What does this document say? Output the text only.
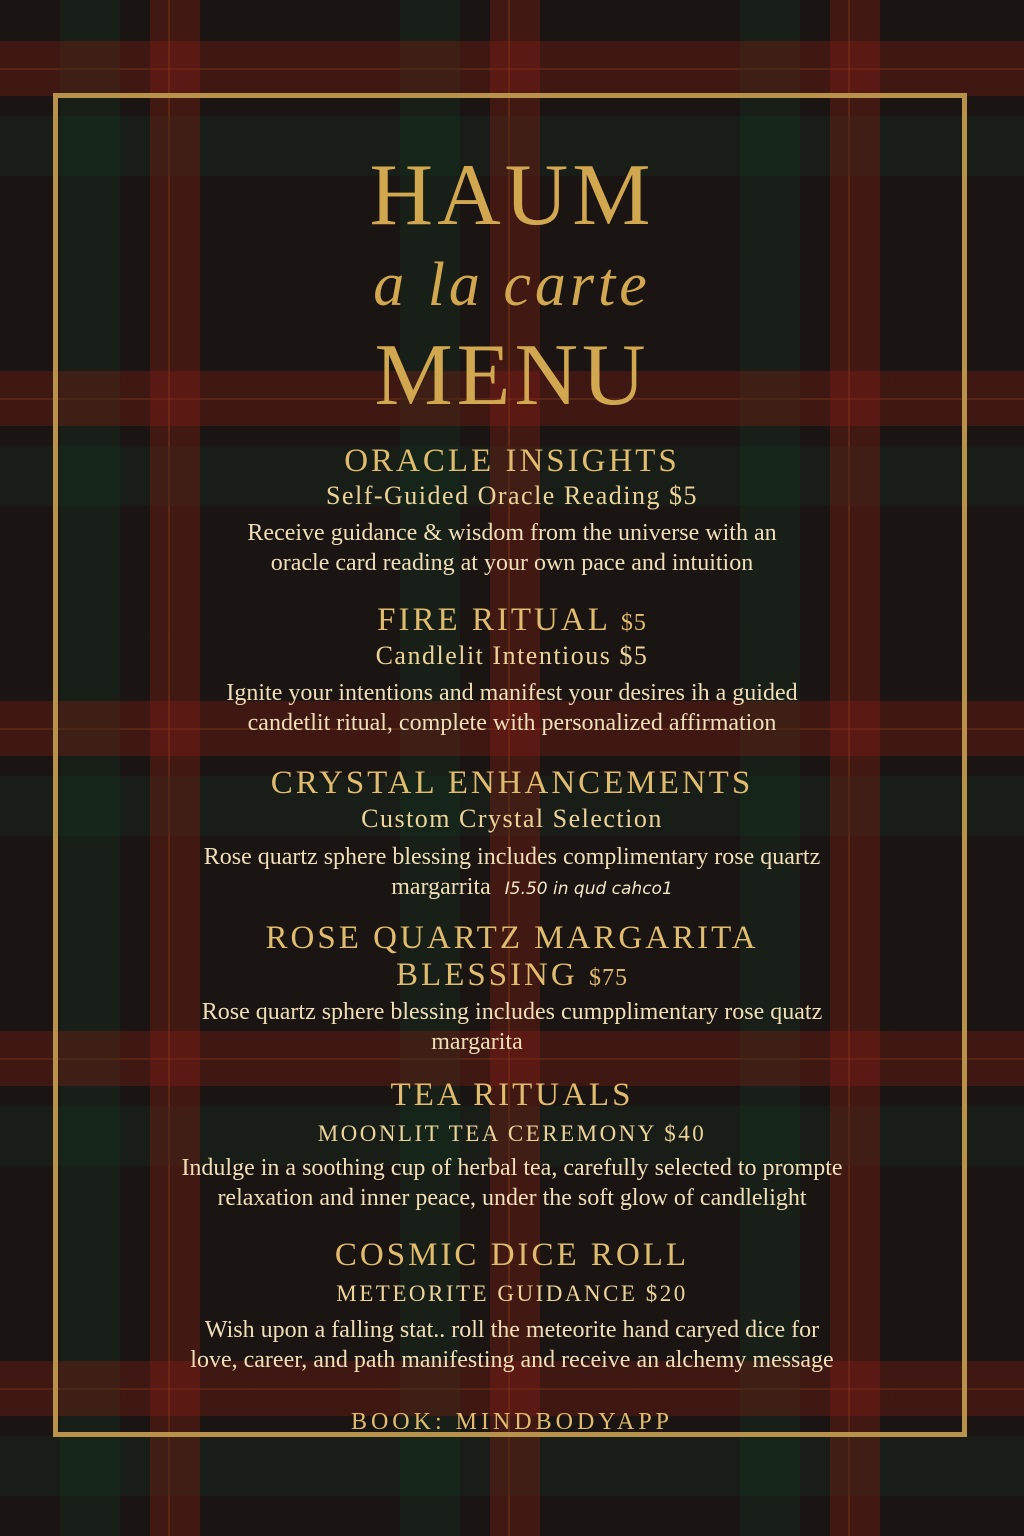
HAUM
a la carte
MENU
ORACLE INSIGHTS
Self-Guided Oracle Reading $5
Receive guidance & wisdom from the universe with an
oracle card reading at your own pace and intuition
FIRE RITUAL $5
Candlelit Intentious $5
Ignite your intentions and manifest your desires ih a guided
candetlit ritual, complete with personalized affirmation
CRYSTAL ENHANCEMENTS
Custom Crystal Selection
Rose quartz sphere blessing includes complimentary rose quartz
margarrita I5.50 in qud cahco1
ROSE QUARTZ MARGARITA
BLESSING $75
Rose quartz sphere blessing includes cumpplimentary rose quatz
margarita
TEA RITUALS
MOONLIT TEA CEREMONY $40
Indulge in a soothing cup of herbal tea, carefully selected to prompte
relaxation and inner peace, under the soft glow of candlelight
COSMIC DICE ROLL
METEORITE GUIDANCE $20
Wish upon a falling stat.. roll the meteorite hand caryed dice for
love, career, and path manifesting and receive an alchemy message
BOOK: MINDBODYAPP
